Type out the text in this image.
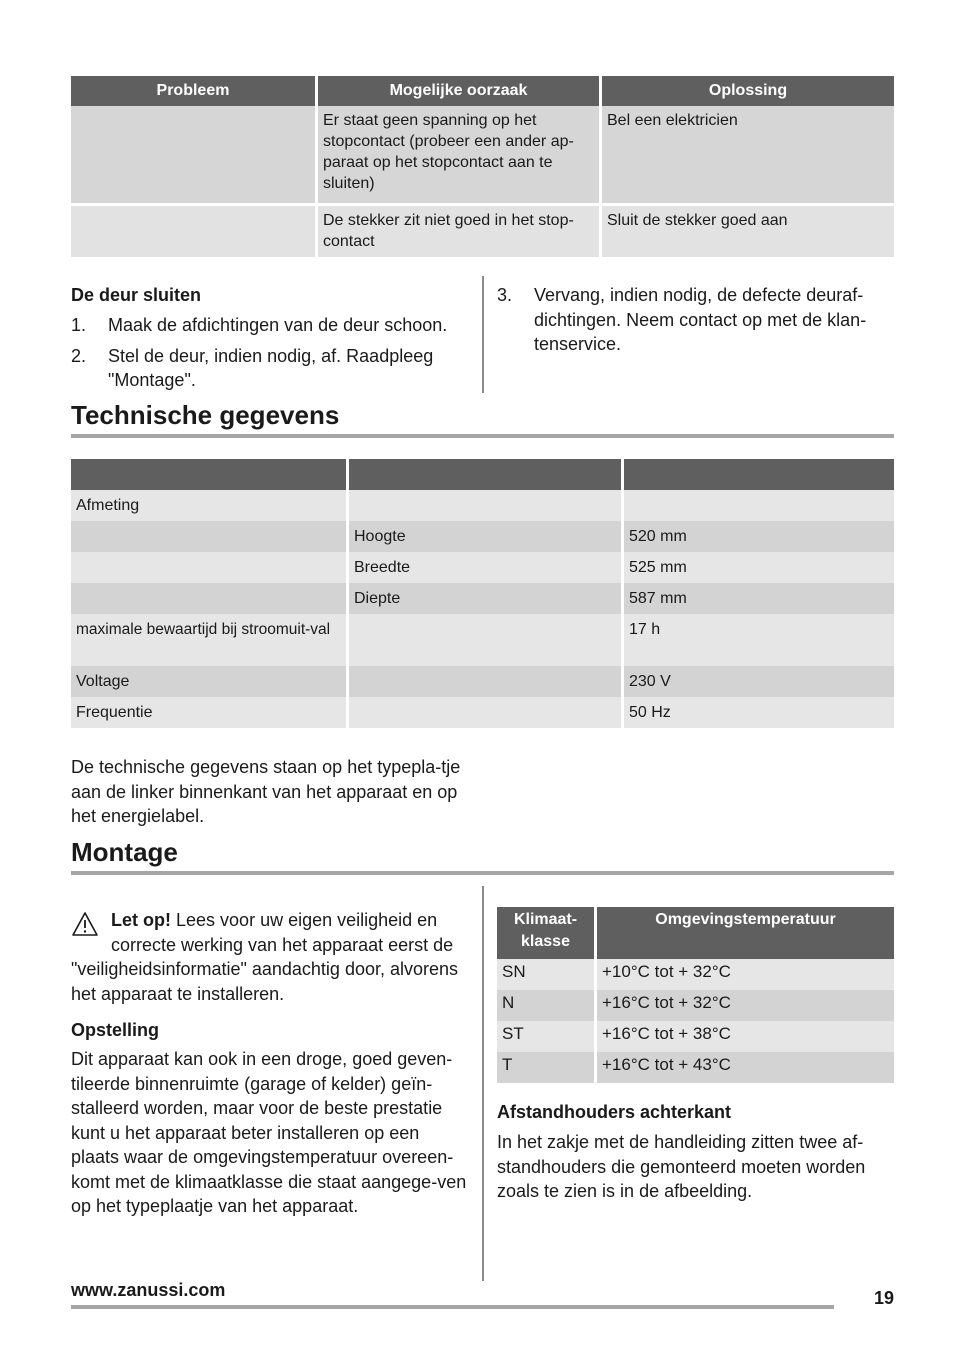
Probleem	Mogelijke oorzaak	Oplossing
	Er staat geen spanning op het stopcontact (probeer een ander ap-paraat op het stopcontact aan te sluiten)	Bel een elektricien
	De stekker zit niet goed in het stop-contact	Sluit de stekker goed aan
De deur sluiten
1. Maak de afdichtingen van de deur schoon.
2. Stel de deur, indien nodig, af. Raadpleeg "Montage".
3. Vervang, indien nodig, de defecte deuraf-dichtingen. Neem contact op met de klan-tenservice.
Technische gegevens

Afmeting		
	Hoogte	520 mm
	Breedte	525 mm
	Diepte	587 mm
maximale bewaartijd bij stroomuit-val		17 h
Voltage		230 V
Frequentie		50 Hz
De technische gegevens staan op het typepla-tje aan de linker binnenkant van het apparaat en op het energielabel.
Montage
Let op! Lees voor uw eigen veiligheid en correcte werking van het apparaat eerst de "veiligheidsinformatie" aandachtig door, alvorens het apparaat te installeren.
Opstelling
Dit apparaat kan ook in een droge, goed geven-tileerde binnenruimte (garage of kelder) geïn-stalleerd worden, maar voor de beste prestatie kunt u het apparaat beter installeren op een plaats waar de omgevingstemperatuur overeen-komt met de klimaatklasse die staat aangege-ven op het typeplaatje van het apparaat.
Klimaat-klasse	Omgevingstemperatuur
SN	+10°C tot + 32°C
N	+16°C tot + 32°C
ST	+16°C tot + 38°C
T	+16°C tot + 43°C
Afstandhouders achterkant
In het zakje met de handleiding zitten twee af-standhouders die gemonteerd moeten worden zoals te zien is in de afbeelding.
www.zanussi.com	19
